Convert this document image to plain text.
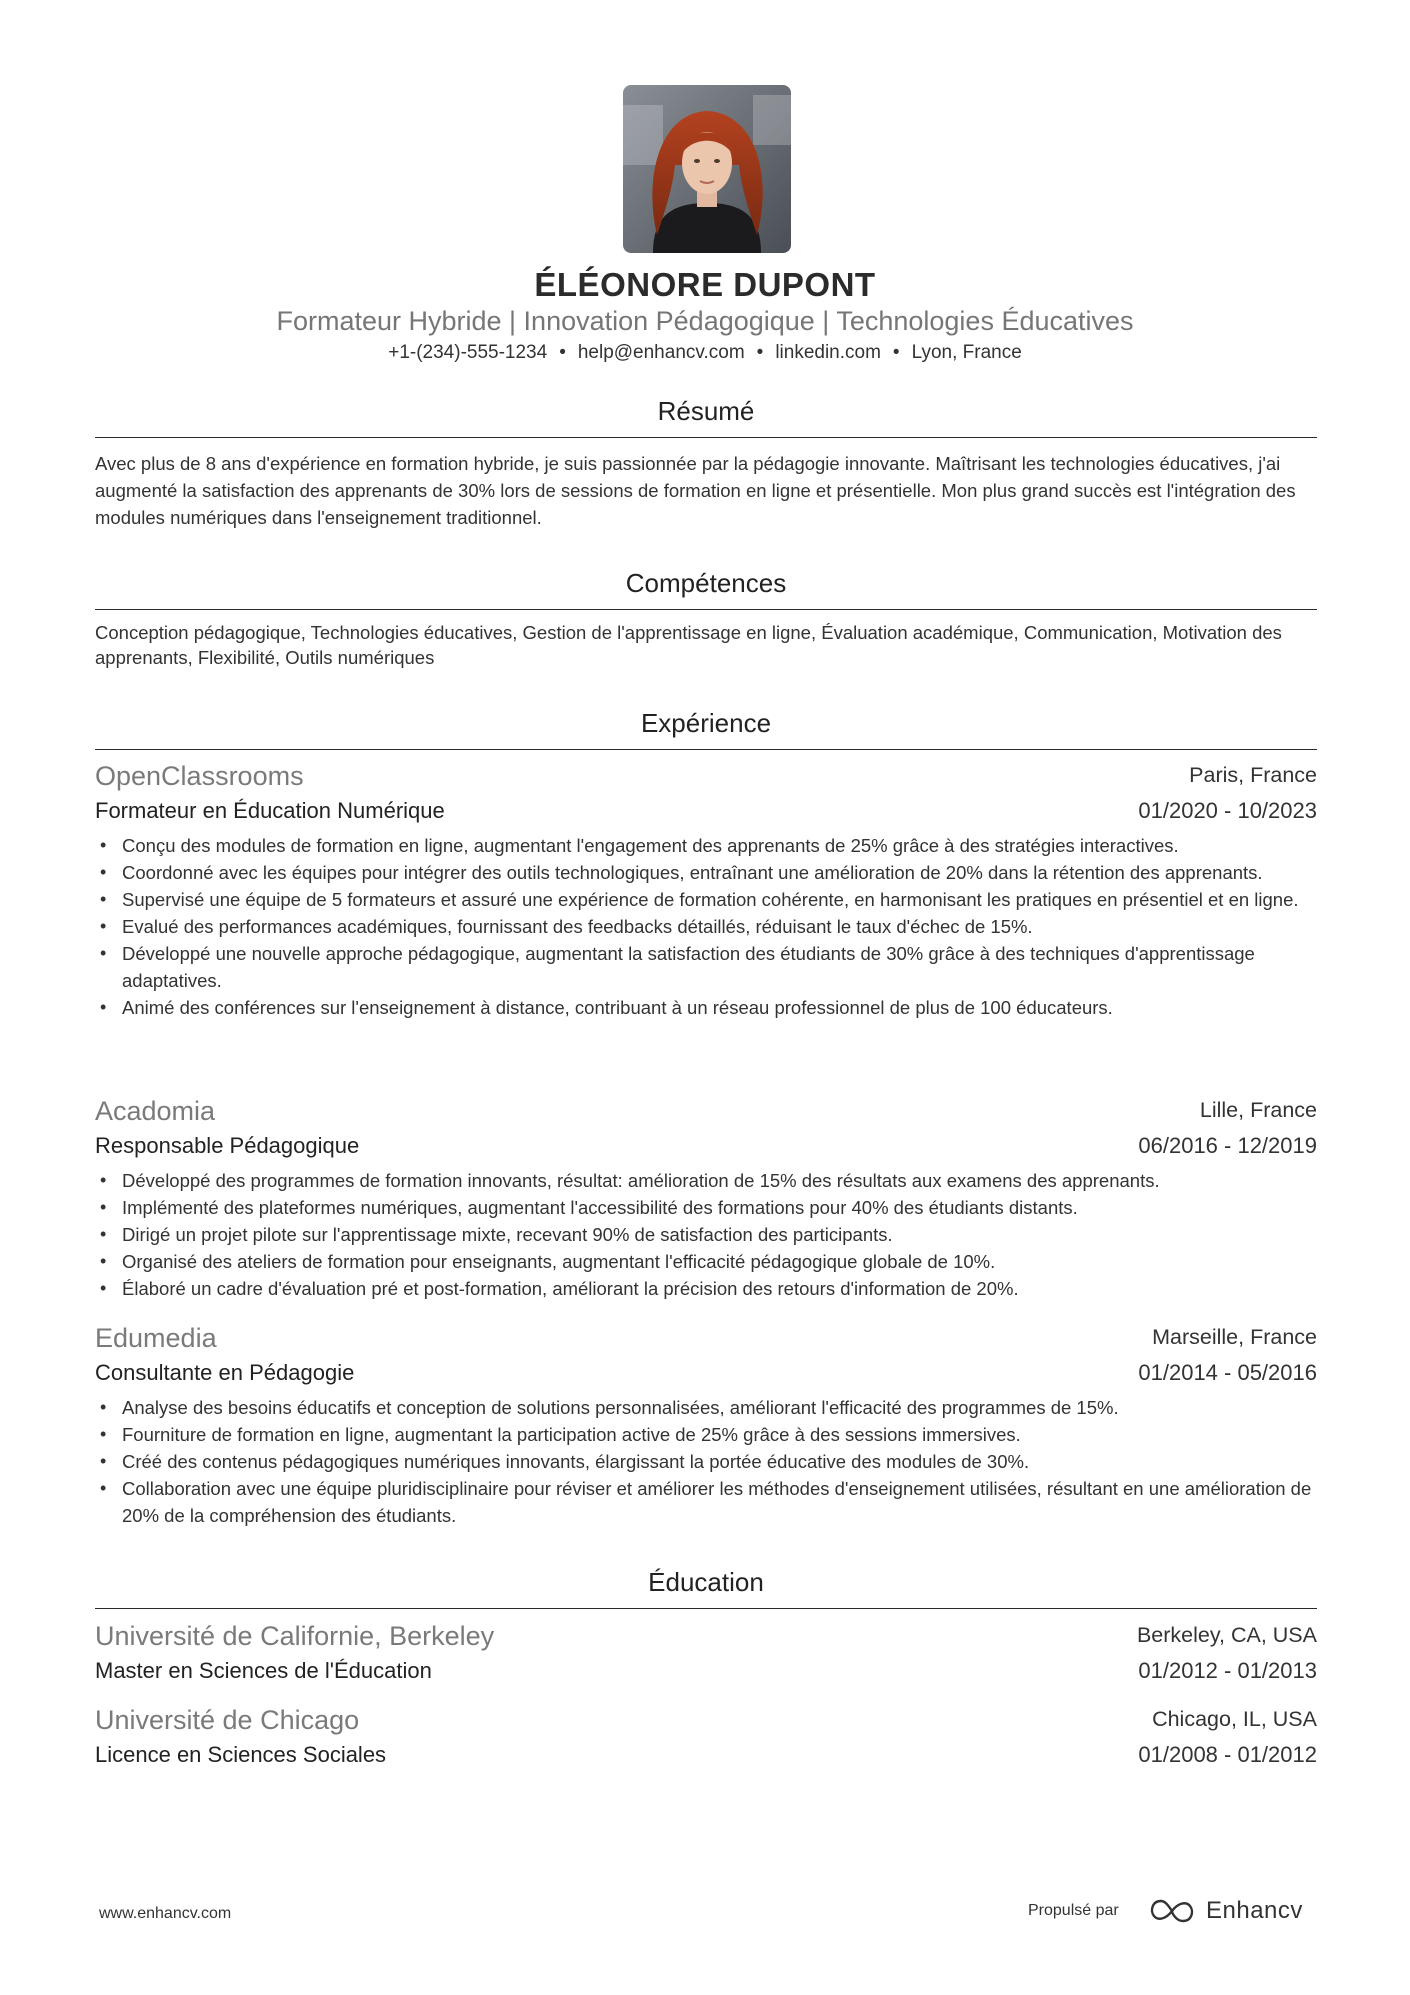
ÉLÉONORE DUPONT
Formateur Hybride | Innovation Pédagogique | Technologies Éducatives
+1-(234)-555-1234 • help@enhancv.com • linkedin.com • Lyon, France
Résumé
Avec plus de 8 ans d'expérience en formation hybride, je suis passionnée par la pédagogie innovante. Maîtrisant les technologies éducatives, j'ai augmenté la satisfaction des apprenants de 30% lors de sessions de formation en ligne et présentielle. Mon plus grand succès est l'intégration des modules numériques dans l'enseignement traditionnel.
Compétences
Conception pédagogique, Technologies éducatives, Gestion de l'apprentissage en ligne, Évaluation académique, Communication, Motivation des apprenants, Flexibilité, Outils numériques
Expérience
OpenClassrooms	Paris, France
Formateur en Éducation Numérique	01/2020 - 10/2023
• Conçu des modules de formation en ligne, augmentant l'engagement des apprenants de 25% grâce à des stratégies interactives.
• Coordonné avec les équipes pour intégrer des outils technologiques, entraînant une amélioration de 20% dans la rétention des apprenants.
• Supervisé une équipe de 5 formateurs et assuré une expérience de formation cohérente, en harmonisant les pratiques en présentiel et en ligne.
• Evalué des performances académiques, fournissant des feedbacks détaillés, réduisant le taux d'échec de 15%.
• Développé une nouvelle approche pédagogique, augmentant la satisfaction des étudiants de 30% grâce à des techniques d'apprentissage adaptatives.
• Animé des conférences sur l'enseignement à distance, contribuant à un réseau professionnel de plus de 100 éducateurs.
Acadomia	Lille, France
Responsable Pédagogique	06/2016 - 12/2019
• Développé des programmes de formation innovants, résultat: amélioration de 15% des résultats aux examens des apprenants.
• Implémenté des plateformes numériques, augmentant l'accessibilité des formations pour 40% des étudiants distants.
• Dirigé un projet pilote sur l'apprentissage mixte, recevant 90% de satisfaction des participants.
• Organisé des ateliers de formation pour enseignants, augmentant l'efficacité pédagogique globale de 10%.
• Élaboré un cadre d'évaluation pré et post-formation, améliorant la précision des retours d'information de 20%.
Edumedia	Marseille, France
Consultante en Pédagogie	01/2014 - 05/2016
• Analyse des besoins éducatifs et conception de solutions personnalisées, améliorant l'efficacité des programmes de 15%.
• Fourniture de formation en ligne, augmentant la participation active de 25% grâce à des sessions immersives.
• Créé des contenus pédagogiques numériques innovants, élargissant la portée éducative des modules de 30%.
• Collaboration avec une équipe pluridisciplinaire pour réviser et améliorer les méthodes d'enseignement utilisées, résultant en une amélioration de 20% de la compréhension des étudiants.
Éducation
Université de Californie, Berkeley	Berkeley, CA, USA
Master en Sciences de l'Éducation	01/2012 - 01/2013
Université de Chicago	Chicago, IL, USA
Licence en Sciences Sociales	01/2008 - 01/2012
www.enhancv.com	Propulsé par	Enhancv
